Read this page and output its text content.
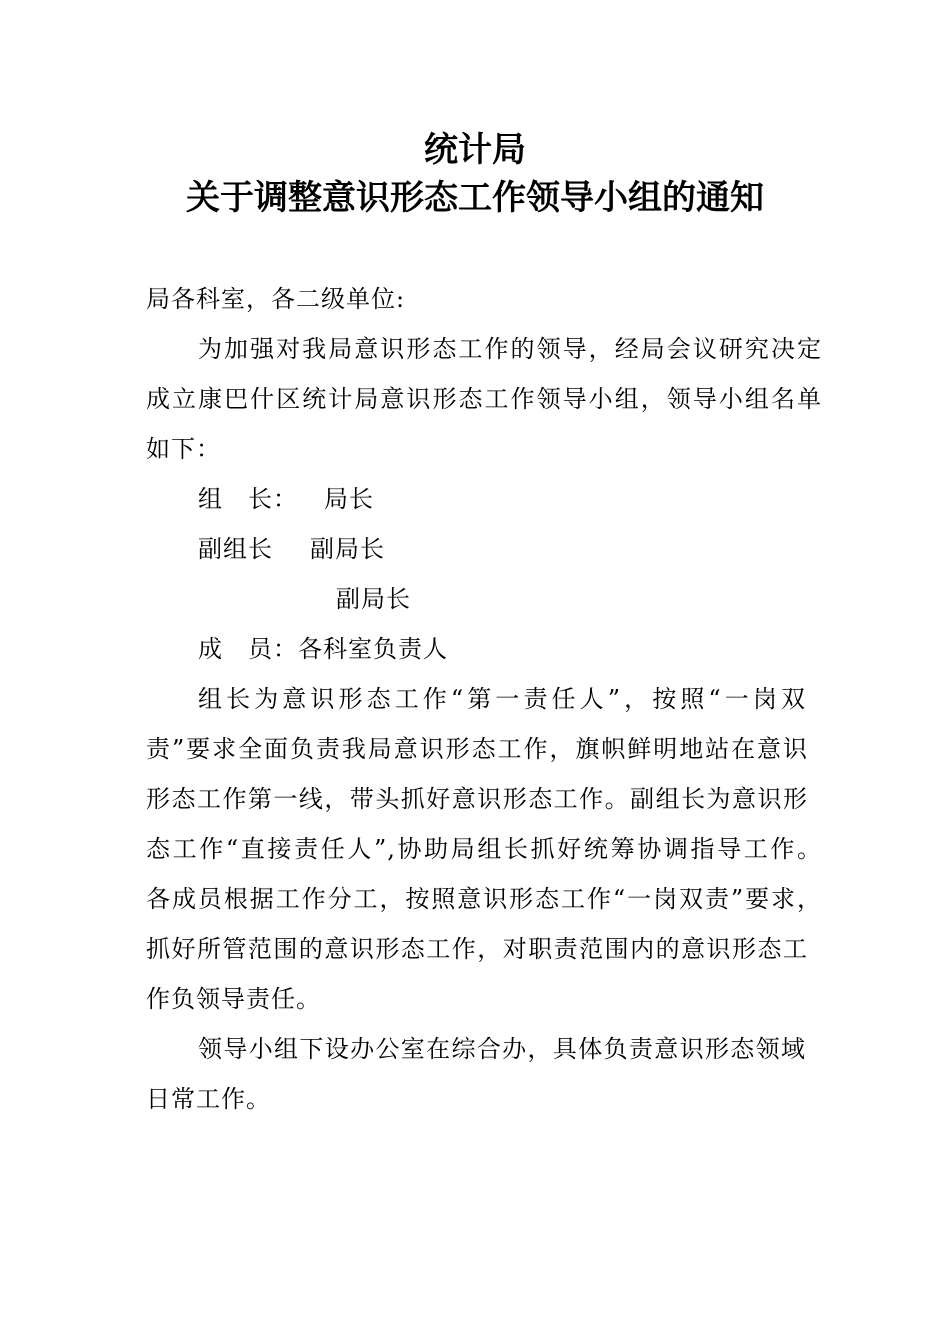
统计局
关于调整意识形态工作领导小组的通知
局各科室，各二级单位:
为加强对我局意识形态工作的领导，经局会议研究决定
成立康巴什区统计局意识形态工作领导小组，领导小组名单
如下：
组　长： 局长
副组长 副局长
副局长
成　员： 各科室负责人
组长为意识形态工作“第一责任人”，按照“一岗双
责”要求全面负责我局意识形态工作，旗帜鲜明地站在意识
形态工作第一线，带头抓好意识形态工作。副组长为意识形
态工作“直接责任人”,协助局组长抓好统筹协调指导工作。
各成员根据工作分工，按照意识形态工作“一岗双责”要求，
抓好所管范围的意识形态工作，对职责范围内的意识形态工
作负领导责任。
领导小组下设办公室在综合办，具体负责意识形态领域
日常工作。
